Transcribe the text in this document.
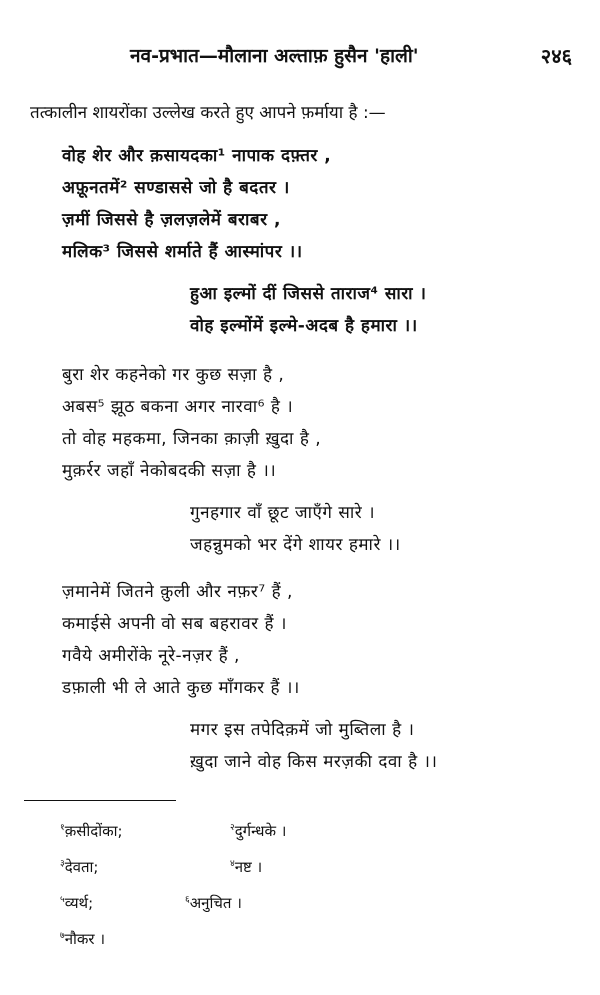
नव-प्रभात—मौलाना अल्ताफ़ हुसैन 'हाली'	२४६
तत्कालीन शायरोंका उल्लेख करते हुए आपने फ़र्माया है :—
वोह शेर और क़सायदका¹ नापाक दफ़्तर ,
अफ़ूनतमें² सण्डाससे जो है बदतर ।
ज़मीं जिससे है ज़लज़लेमें बराबर ,
मलिक³ जिससे शर्माते हैं आस्मांपर ।।
हुआ इल्मों दीं जिससे ताराज⁴ सारा ।
वोह इल्मोंमें इल्मे-अदब है हमारा ।।
बुरा शेर कहनेको गर कुछ सज़ा है ,
अबस⁵ झूठ बकना अगर नारवा⁶ है ।
तो वोह महकमा, जिनका क़ाज़ी ख़ुदा है ,
मुक़र्रर जहाँ नेकोबदकी सज़ा है ।।
गुनहगार वाँ छूट जाएँगे सारे ।
जहन्नुमको भर देंगे शायर हमारे ।।
ज़मानेमें जितने क़ुली और नफ़र⁷ हैं ,
कमाईसे अपनी वो सब बहरावर हैं ।
गवैये अमीरोंके नूरे-नज़र हैं ,
डफ़ाली भी ले आते कुछ माँगकर हैं ।।
मगर इस तपेदिक़में जो मुब्तिला है ।
ख़ुदा जाने वोह किस मरज़की दवा है ।।
$^१$क़सीदोंका;	$^२$दुर्गन्धके ।
$^३$देवता;	$^४$नष्ट ।
$^५$व्यर्थ;	$^६$अनुचित ।
$^७$नौकर ।
